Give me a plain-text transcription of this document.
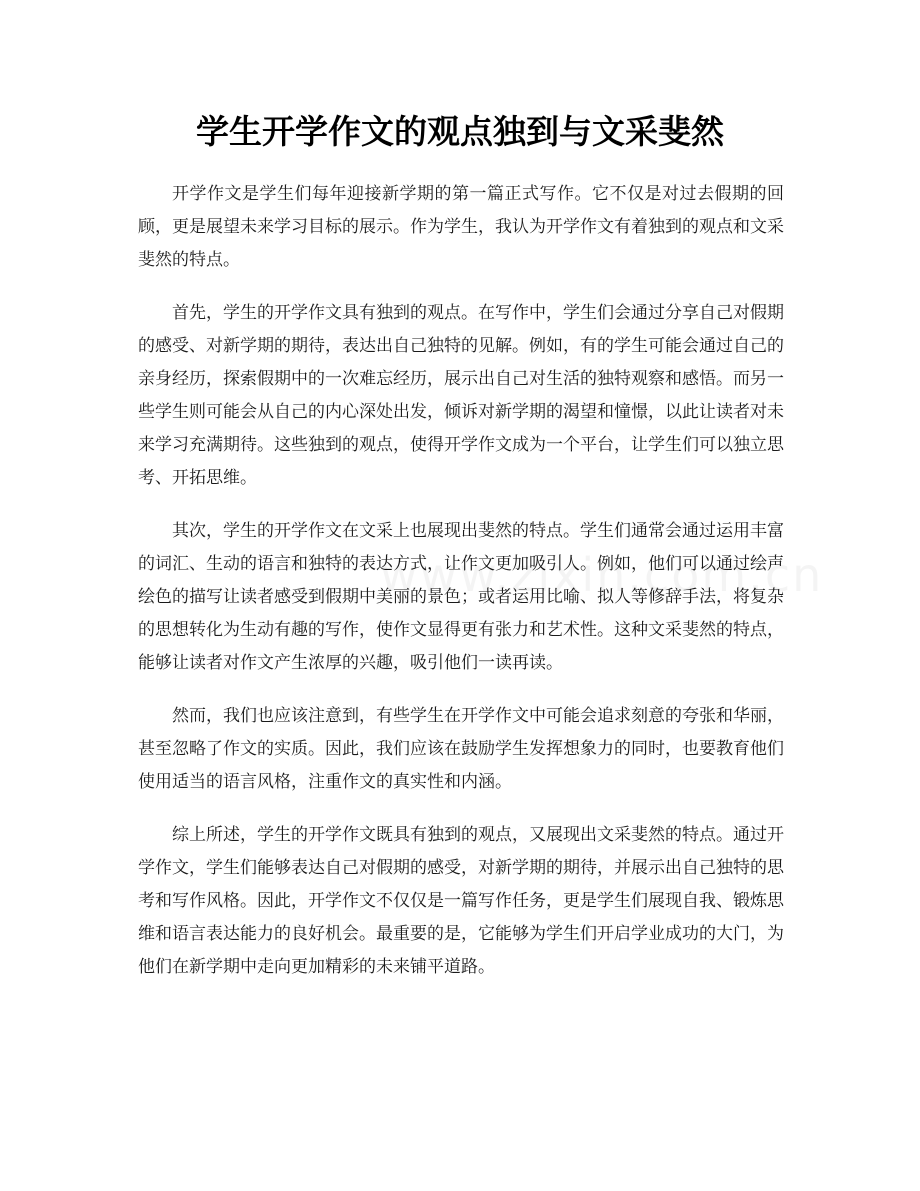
学生开学作文的观点独到与文采斐然

开学作文是学生们每年迎接新学期的第一篇正式写作。它不仅是对过去假期的回顾，更是展望未来学习目标的展示。作为学生，我认为开学作文有着独到的观点和文采斐然的特点。

首先，学生的开学作文具有独到的观点。在写作中，学生们会通过分享自己对假期的感受、对新学期的期待，表达出自己独特的见解。例如，有的学生可能会通过自己的亲身经历，探索假期中的一次难忘经历，展示出自己对生活的独特观察和感悟。而另一些学生则可能会从自己的内心深处出发，倾诉对新学期的渴望和憧憬，以此让读者对未来学习充满期待。这些独到的观点，使得开学作文成为一个平台，让学生们可以独立思考、开拓思维。

其次，学生的开学作文在文采上也展现出斐然的特点。学生们通常会通过运用丰富的词汇、生动的语言和独特的表达方式，让作文更加吸引人。例如，他们可以通过绘声绘色的描写让读者感受到假期中美丽的景色；或者运用比喻、拟人等修辞手法，将复杂的思想转化为生动有趣的写作，使作文显得更有张力和艺术性。这种文采斐然的特点，能够让读者对作文产生浓厚的兴趣，吸引他们一读再读。

然而，我们也应该注意到，有些学生在开学作文中可能会追求刻意的夸张和华丽，甚至忽略了作文的实质。因此，我们应该在鼓励学生发挥想象力的同时，也要教育他们使用适当的语言风格，注重作文的真实性和内涵。

综上所述，学生的开学作文既具有独到的观点，又展现出文采斐然的特点。通过开学作文，学生们能够表达自己对假期的感受，对新学期的期待，并展示出自己独特的思考和写作风格。因此，开学作文不仅仅是一篇写作任务，更是学生们展现自我、锻炼思维和语言表达能力的良好机会。最重要的是，它能够为学生们开启学业成功的大门，为他们在新学期中走向更加精彩的未来铺平道路。
